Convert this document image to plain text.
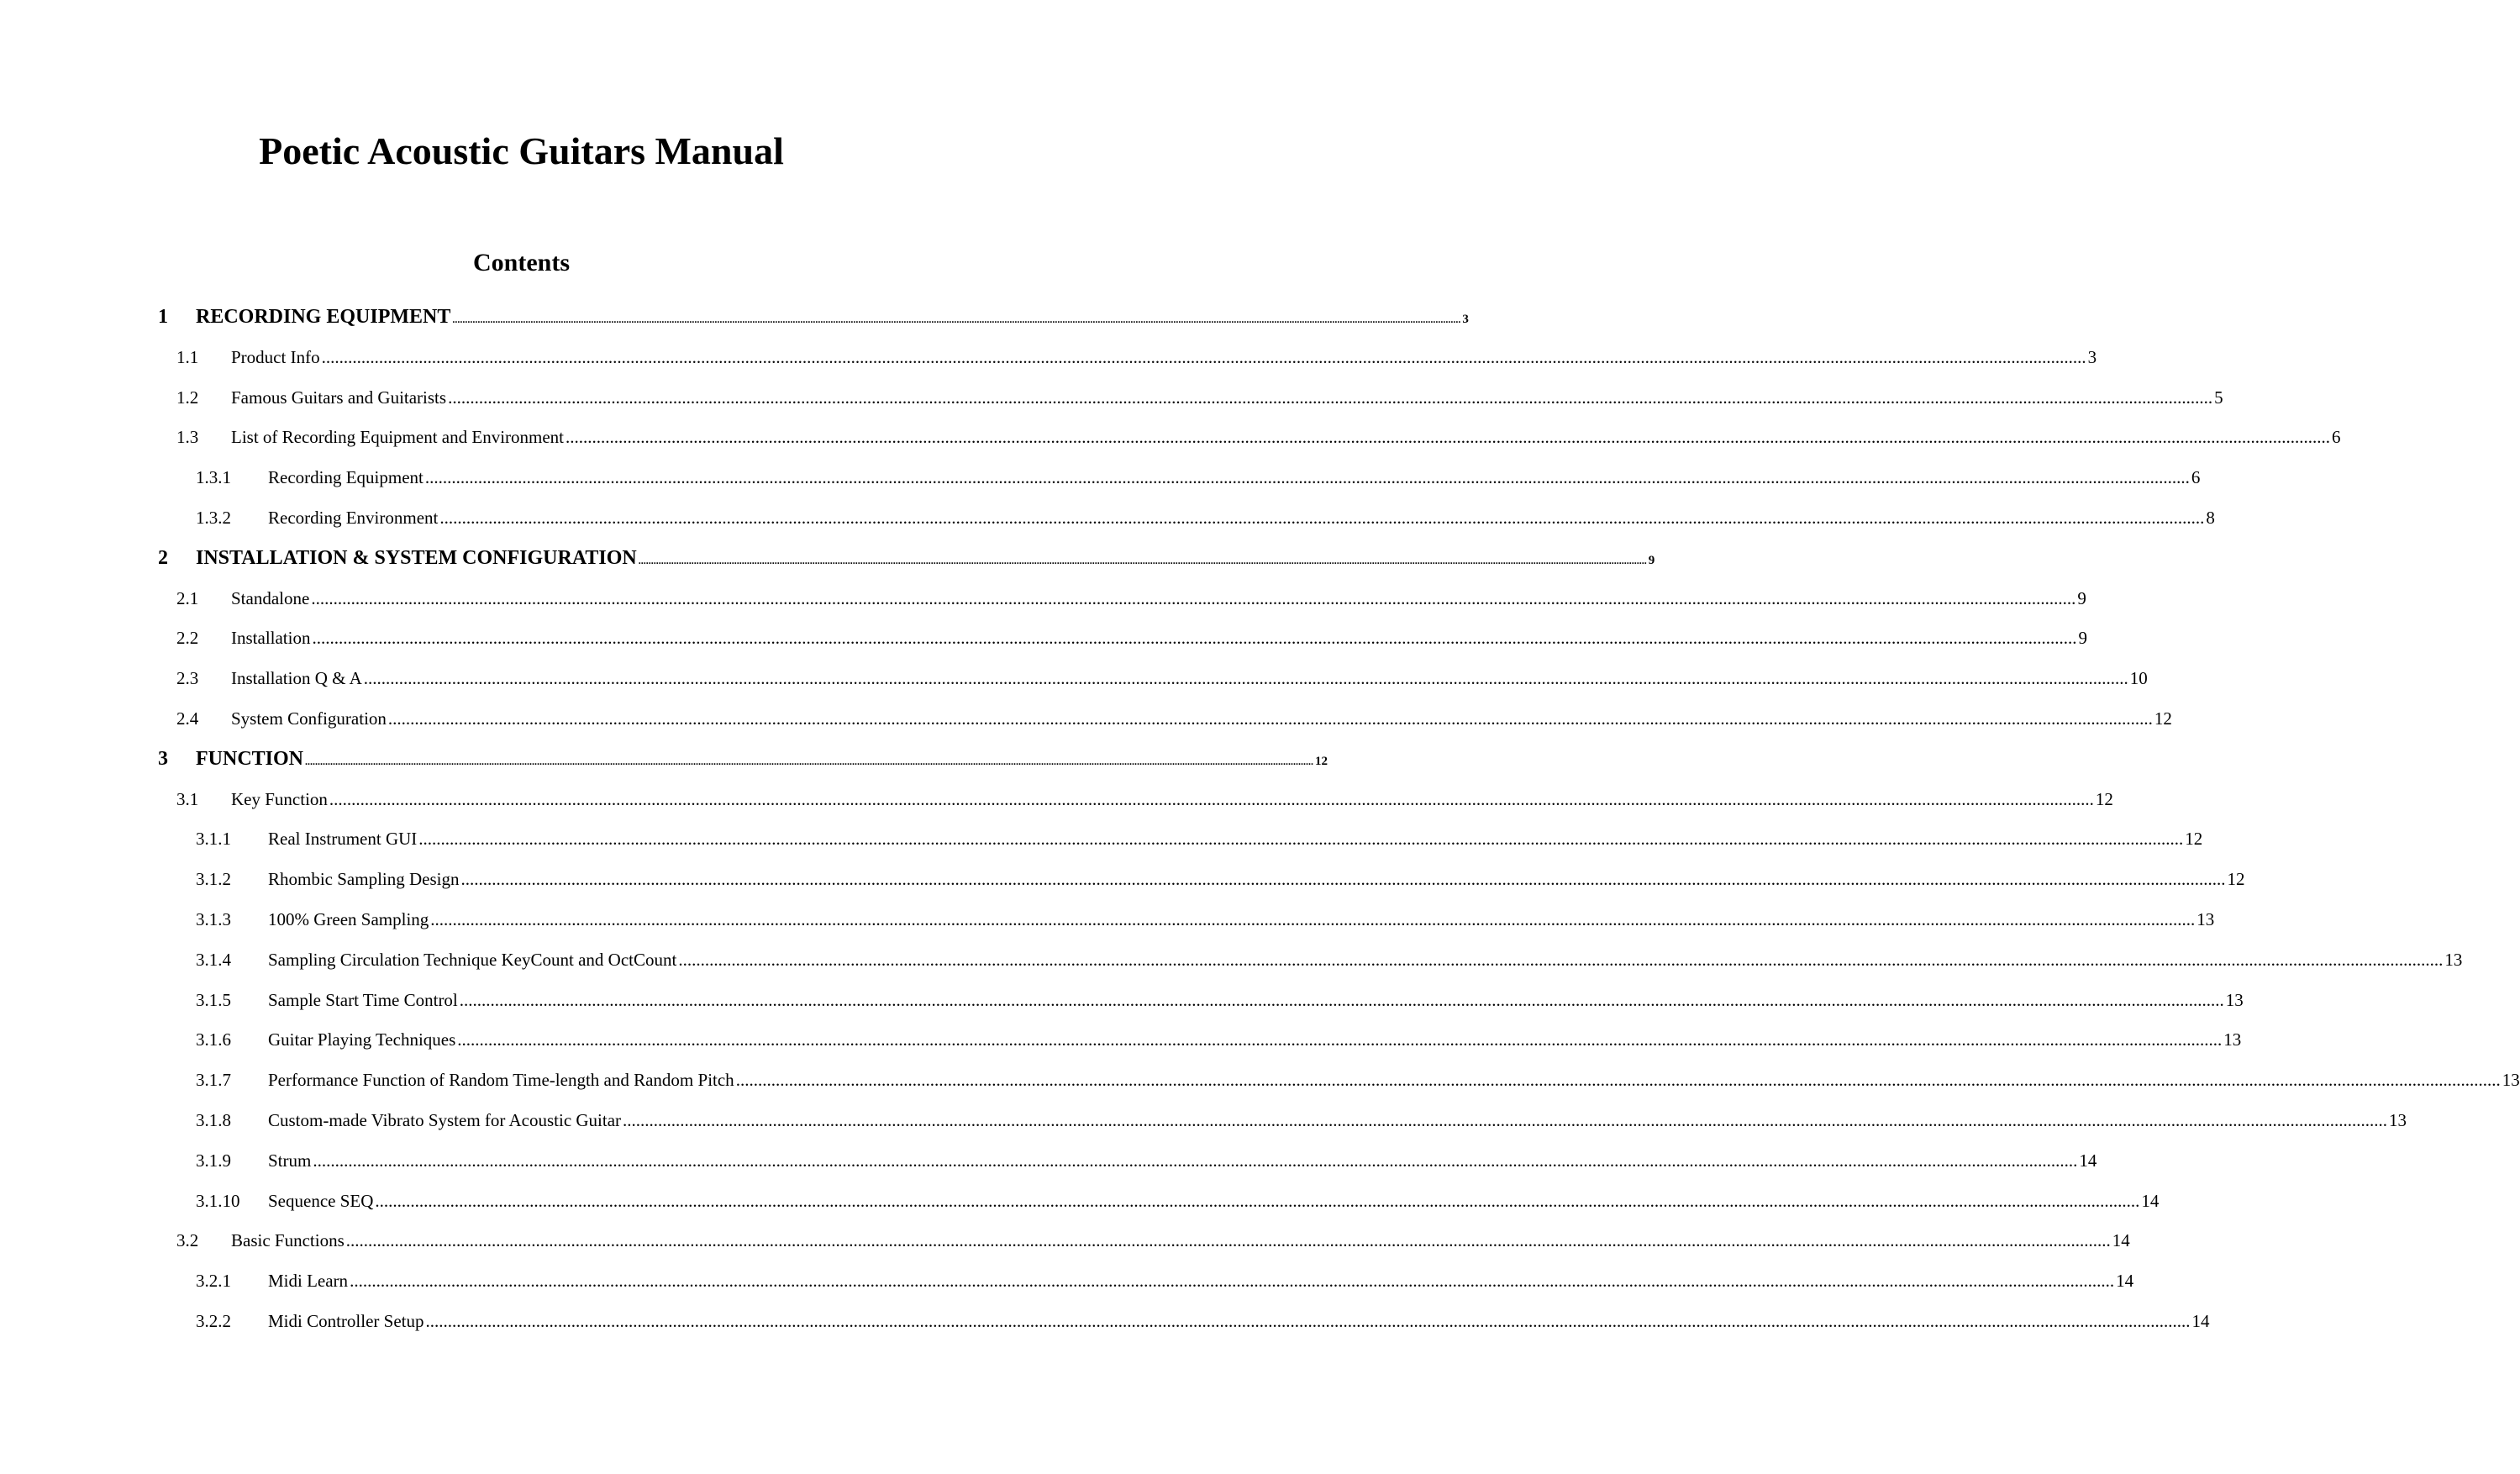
Poetic Acoustic Guitars Manual
Contents
1 RECORDING EQUIPMENT ................................................................................................................................................................................................................................................................................................................................................................................................................ 3
1.1 Product Info ................................................................................................................................................................................................................................................................................................................................................................................................................ 3
1.2 Famous Guitars and Guitarists ................................................................................................................................................................................................................................................................................................................................................................................................................ 5
1.3 List of Recording Equipment and Environment ................................................................................................................................................................................................................................................................................................................................................................................................................ 6
1.3.1 Recording Equipment ................................................................................................................................................................................................................................................................................................................................................................................................................ 6
1.3.2 Recording Environment ................................................................................................................................................................................................................................................................................................................................................................................................................ 8
2 INSTALLATION & SYSTEM CONFIGURATION ................................................................................................................................................................................................................................................................................................................................................................................................................ 9
2.1 Standalone ................................................................................................................................................................................................................................................................................................................................................................................................................ 9
2.2 Installation ................................................................................................................................................................................................................................................................................................................................................................................................................ 9
2.3 Installation Q & A ................................................................................................................................................................................................................................................................................................................................................................................................................ 10
2.4 System Configuration ................................................................................................................................................................................................................................................................................................................................................................................................................ 12
3 FUNCTION ................................................................................................................................................................................................................................................................................................................................................................................................................ 12
3.1 Key Function ................................................................................................................................................................................................................................................................................................................................................................................................................ 12
3.1.1 Real Instrument GUI ................................................................................................................................................................................................................................................................................................................................................................................................................ 12
3.1.2 Rhombic Sampling Design ................................................................................................................................................................................................................................................................................................................................................................................................................ 12
3.1.3 100% Green Sampling ................................................................................................................................................................................................................................................................................................................................................................................................................ 13
3.1.4 Sampling Circulation Technique KeyCount and OctCount ................................................................................................................................................................................................................................................................................................................................................................................................................ 13
3.1.5 Sample Start Time Control ................................................................................................................................................................................................................................................................................................................................................................................................................ 13
3.1.6 Guitar Playing Techniques ................................................................................................................................................................................................................................................................................................................................................................................................................ 13
3.1.7 Performance Function of Random Time-length and Random Pitch ................................................................................................................................................................................................................................................................................................................................................................................................................ 13
3.1.8 Custom-made Vibrato System for Acoustic Guitar ................................................................................................................................................................................................................................................................................................................................................................................................................ 13
3.1.9 Strum ................................................................................................................................................................................................................................................................................................................................................................................................................ 14
3.1.10 Sequence SEQ ................................................................................................................................................................................................................................................................................................................................................................................................................ 14
3.2 Basic Functions ................................................................................................................................................................................................................................................................................................................................................................................................................ 14
3.2.1 Midi Learn ................................................................................................................................................................................................................................................................................................................................................................................................................ 14
3.2.2 Midi Controller Setup ................................................................................................................................................................................................................................................................................................................................................................................................................ 14
